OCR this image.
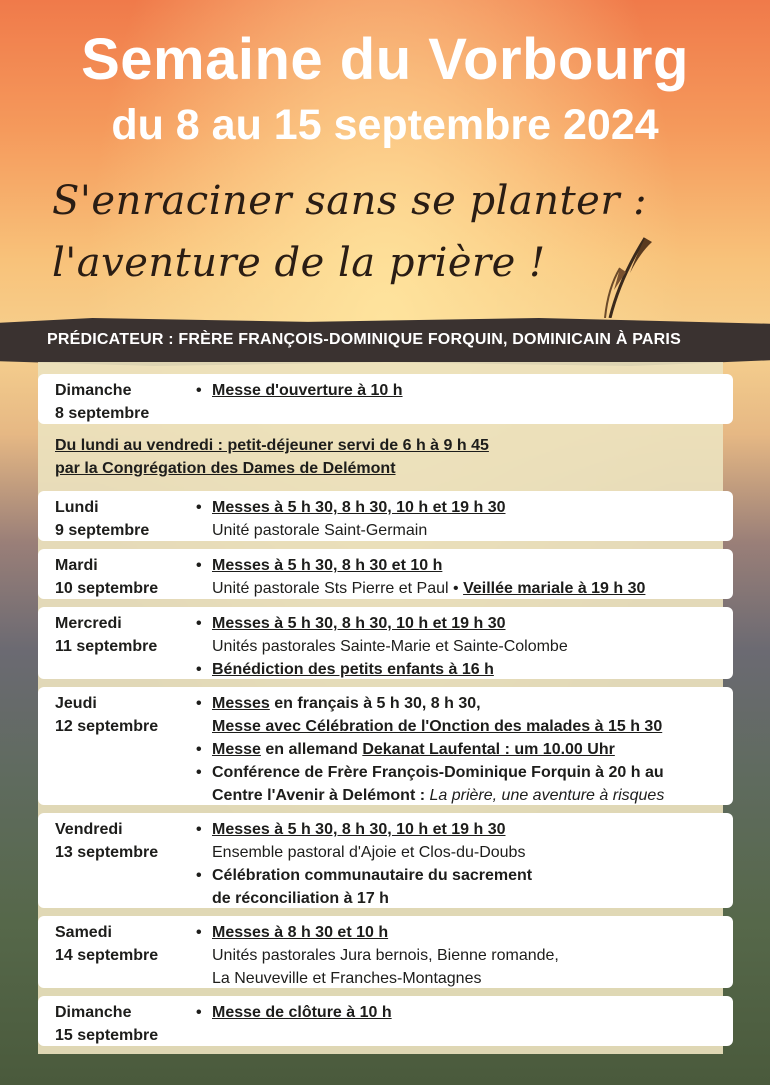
Semaine du Vorbourg
du 8 au 15 septembre 2024
S'enraciner sans se planter :
l'aventure de la prière !
PRÉDICATEUR : FRÈRE FRANÇOIS-DOMINIQUE FORQUIN, DOMINICAIN À PARIS
Dimanche
8 septembre
• Messe d'ouverture à 10 h
Du lundi au vendredi : petit-déjeuner servi de 6 h à 9 h 45
par la Congrégation des Dames de Delémont
Lundi
9 septembre
• Messes à 5 h 30, 8 h 30, 10 h et 19 h 30
Unité pastorale Saint-Germain
Mardi
10 septembre
• Messes à 5 h 30, 8 h 30 et 10 h
Unité pastorale Sts Pierre et Paul • Veillée mariale à 19 h 30
Mercredi
11 septembre
• Messes à 5 h 30, 8 h 30, 10 h et 19 h 30
Unités pastorales Sainte-Marie et Sainte-Colombe
• Bénédiction des petits enfants à 16 h
Jeudi
12 septembre
• Messes en français à 5 h 30, 8 h 30,
Messe avec Célébration de l'Onction des malades à 15 h 30
• Messe en allemand Dekanat Laufental : um 10.00 Uhr
• Conférence de Frère François-Dominique Forquin à 20 h au
Centre l'Avenir à Delémont : La prière, une aventure à risques
Vendredi
13 septembre
• Messes à 5 h 30, 8 h 30, 10 h et 19 h 30
Ensemble pastoral d'Ajoie et Clos-du-Doubs
• Célébration communautaire du sacrement
de réconciliation à 17 h
Samedi
14 septembre
• Messes à 8 h 30 et 10 h
Unités pastorales Jura bernois, Bienne romande,
La Neuveville et Franches-Montagnes
Dimanche
15 septembre
• Messe de clôture à 10 h
